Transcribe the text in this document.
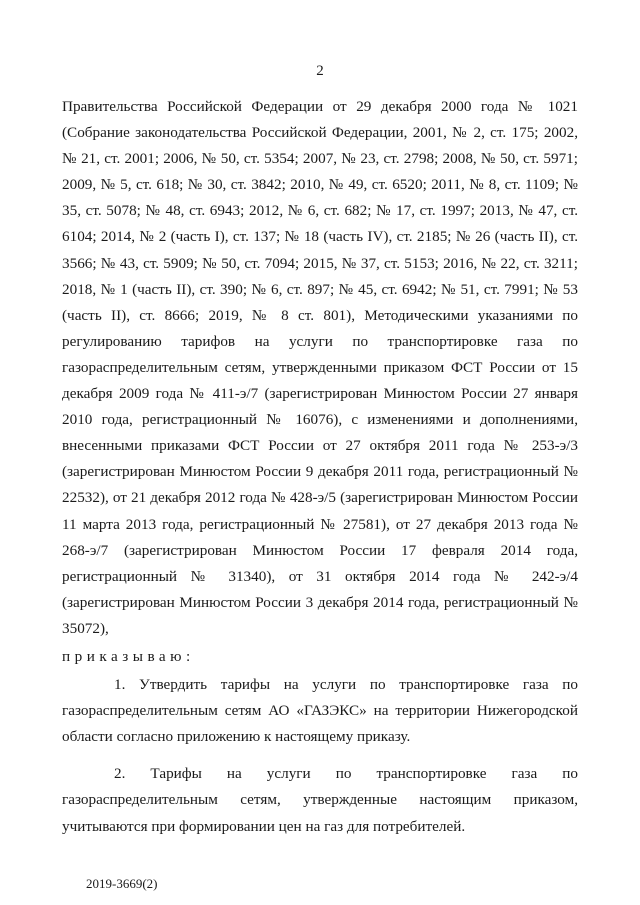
2

Правительства Российской Федерации от 29 декабря 2000 года № 1021 (Собрание законодательства Российской Федерации, 2001, № 2, ст. 175; 2002, № 21, ст. 2001; 2006, № 50, ст. 5354; 2007, № 23, ст. 2798; 2008, № 50, ст. 5971; 2009, № 5, ст. 618; № 30, ст. 3842; 2010, № 49, ст. 6520; 2011, № 8, ст. 1109; № 35, ст. 5078; № 48, ст. 6943; 2012, № 6, ст. 682; № 17, ст. 1997; 2013, № 47, ст. 6104; 2014, № 2 (часть I), ст. 137; № 18 (часть IV), ст. 2185; № 26 (часть II), ст. 3566; № 43, ст. 5909; № 50, ст. 7094; 2015, № 37, ст. 5153; 2016, № 22, ст. 3211; 2018, № 1 (часть II), ст. 390; № 6, ст. 897; № 45, ст. 6942; № 51, ст. 7991; № 53 (часть II), ст. 8666; 2019, № 8 ст. 801), Методическими указаниями по регулированию тарифов на услуги по транспортировке газа по газораспределительным сетям, утвержденными приказом ФСТ России от 15 декабря 2009 года № 411-э/7 (зарегистрирован Минюстом России 27 января 2010 года, регистрационный № 16076), с изменениями и дополнениями, внесенными приказами ФСТ России от 27 октября 2011 года № 253-э/3 (зарегистрирован Минюстом России 9 декабря 2011 года, регистрационный № 22532), от 21 декабря 2012 года № 428-э/5 (зарегистрирован Минюстом России 11 марта 2013 года, регистрационный № 27581), от 27 декабря 2013 года № 268-э/7 (зарегистрирован Минюстом России 17 февраля 2014 года, регистрационный № 31340), от 31 октября 2014 года № 242-э/4 (зарегистрирован Минюстом России 3 декабря 2014 года, регистрационный № 35072),

приказываю:

1. Утвердить тарифы на услуги по транспортировке газа по газораспределительным сетям АО «ГАЗЭКС» на территории Нижегородской области согласно приложению к настоящему приказу.

2. Тарифы на услуги по транспортировке газа по газораспределительным сетям, утвержденные настоящим приказом, учитываются при формировании цен на газ для потребителей.

2019-3669(2)
